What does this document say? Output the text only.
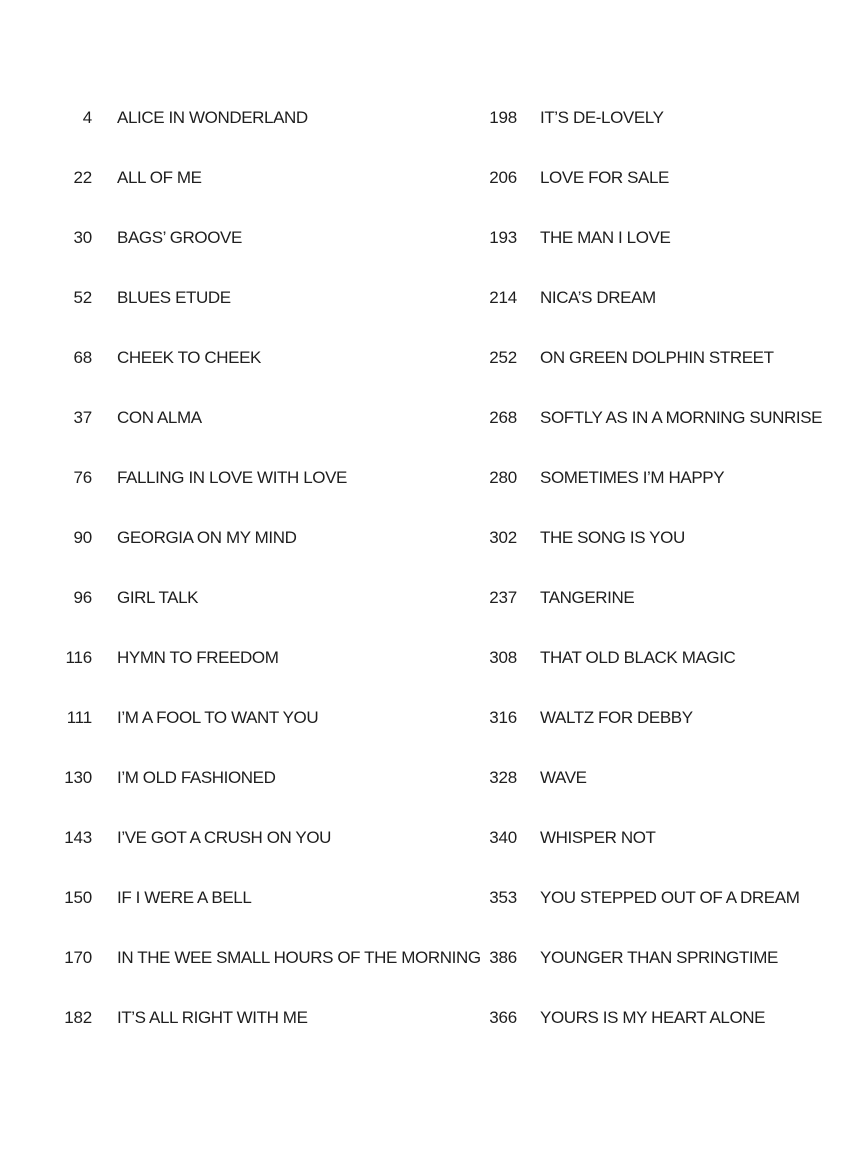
4 ALICE IN WONDERLAND
22 ALL OF ME
30 BAGS’ GROOVE
52 BLUES ETUDE
68 CHEEK TO CHEEK
37 CON ALMA
76 FALLING IN LOVE WITH LOVE
90 GEORGIA ON MY MIND
96 GIRL TALK
116 HYMN TO FREEDOM
111 I’M A FOOL TO WANT YOU
130 I’M OLD FASHIONED
143 I’VE GOT A CRUSH ON YOU
150 IF I WERE A BELL
170 IN THE WEE SMALL HOURS OF THE MORNING
182 IT’S ALL RIGHT WITH ME
198 IT’S DE-LOVELY
206 LOVE FOR SALE
193 THE MAN I LOVE
214 NICA’S DREAM
252 ON GREEN DOLPHIN STREET
268 SOFTLY AS IN A MORNING SUNRISE
280 SOMETIMES I’M HAPPY
302 THE SONG IS YOU
237 TANGERINE
308 THAT OLD BLACK MAGIC
316 WALTZ FOR DEBBY
328 WAVE
340 WHISPER NOT
353 YOU STEPPED OUT OF A DREAM
386 YOUNGER THAN SPRINGTIME
366 YOURS IS MY HEART ALONE
